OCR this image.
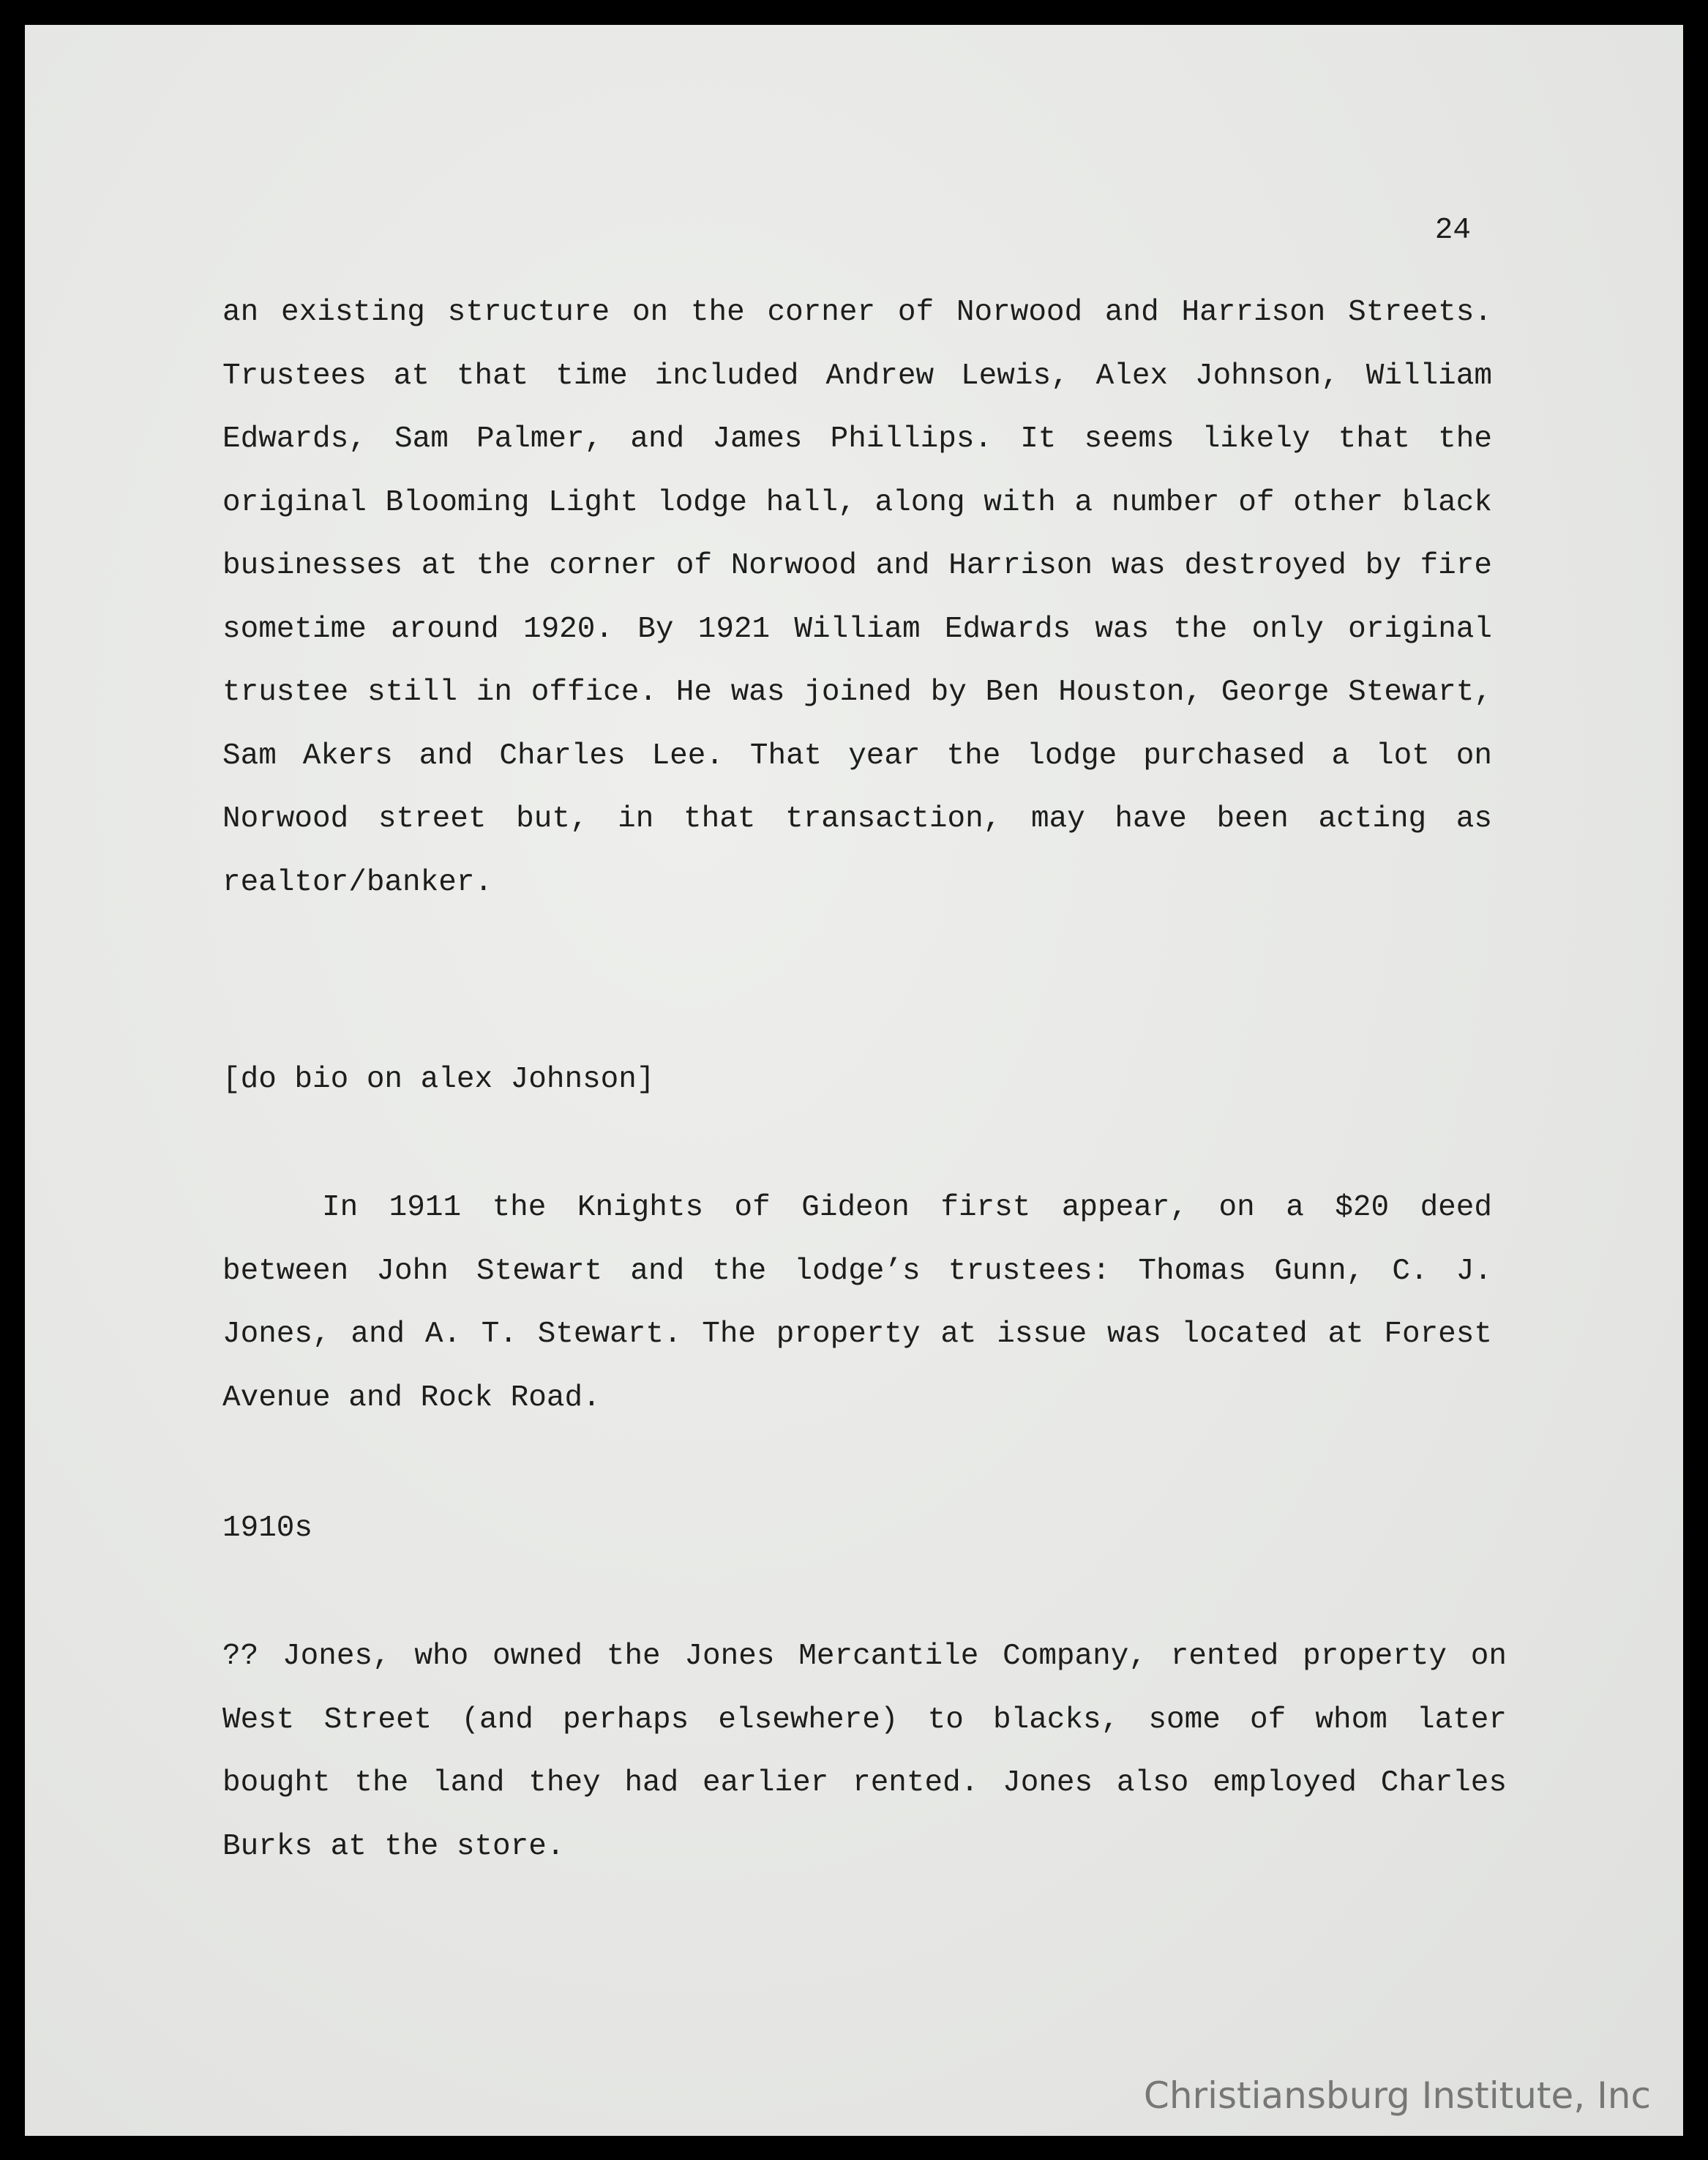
24

an existing structure on the corner of Norwood and Harrison Streets. Trustees at that time included Andrew Lewis, Alex Johnson, William Edwards, Sam Palmer, and James Phillips. It seems likely that the original Blooming Light lodge hall, along with a number of other black businesses at the corner of Norwood and Harrison was destroyed by fire sometime around 1920. By 1921 William Edwards was the only original trustee still in office. He was joined by Ben Houston, George Stewart, Sam Akers and Charles Lee. That year the lodge purchased a lot on Norwood street but, in that transaction, may have been acting as realtor/banker.

[do bio on alex Johnson]

In 1911 the Knights of Gideon first appear, on a $20 deed between John Stewart and the lodge’s trustees: Thomas Gunn, C. J. Jones, and A. T. Stewart. The property at issue was located at Forest Avenue and Rock Road.

1910s

?? Jones, who owned the Jones Mercantile Company, rented property on West Street (and perhaps elsewhere) to blacks, some of whom later bought the land they had earlier rented. Jones also employed Charles Burks at the store.

Christiansburg Institute, Inc
